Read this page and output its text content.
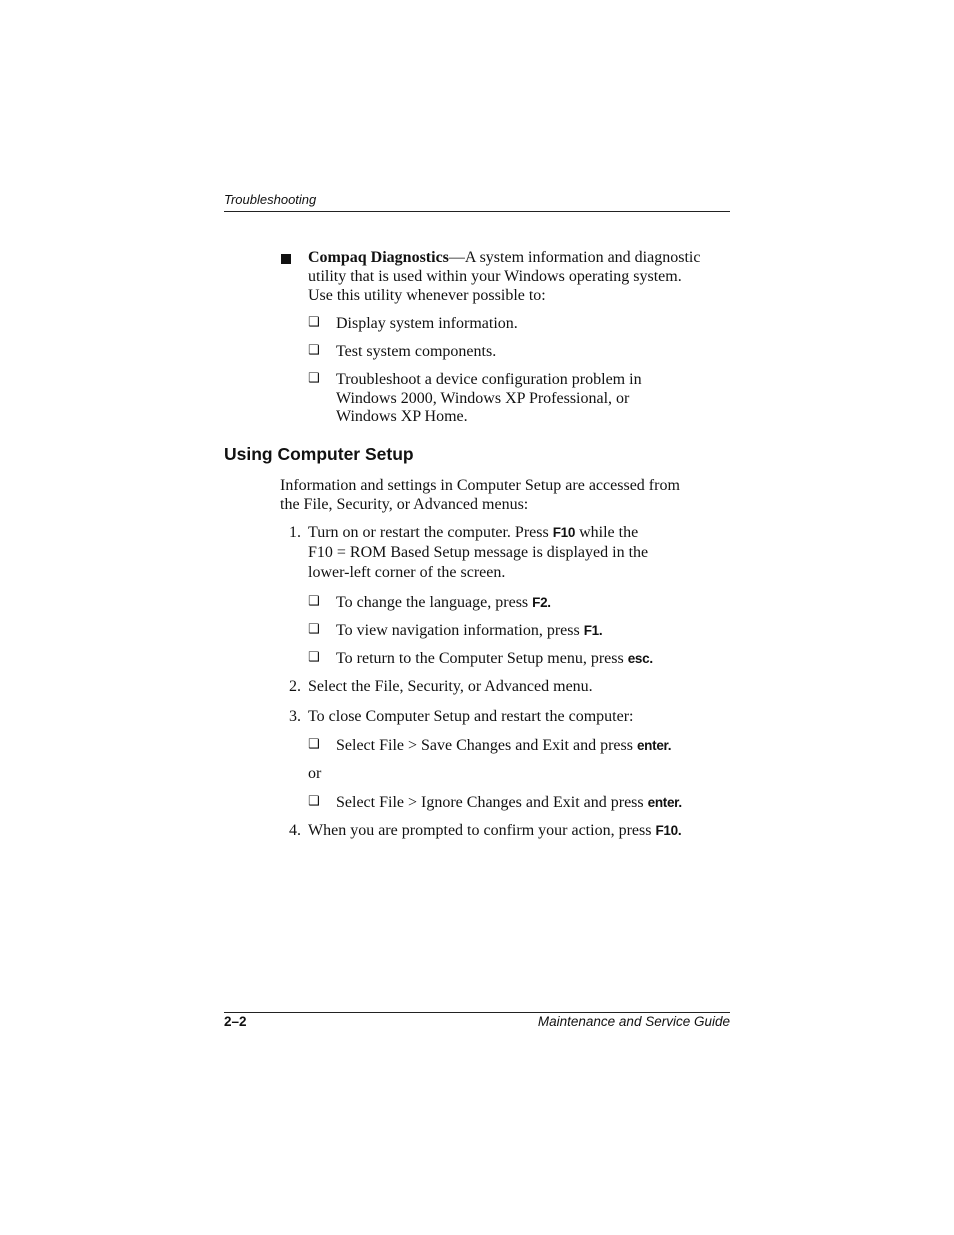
Troubleshooting
Compaq Diagnostics—A system information and diagnostic
utility that is used within your Windows operating system.
Use this utility whenever possible to:
❑ Display system information.
❑ Test system components.
❑ Troubleshoot a device configuration problem in
Windows 2000, Windows XP Professional, or
Windows XP Home.
Using Computer Setup
Information and settings in Computer Setup are accessed from
the File, Security, or Advanced menus:
1. Turn on or restart the computer. Press F10 while the
F10 = ROM Based Setup message is displayed in the
lower-left corner of the screen.
❑ To change the language, press F2.
❑ To view navigation information, press F1.
❑ To return to the Computer Setup menu, press esc.
2. Select the File, Security, or Advanced menu.
3. To close Computer Setup and restart the computer:
❑ Select File > Save Changes and Exit and press enter.
or
❑ Select File > Ignore Changes and Exit and press enter.
4. When you are prompted to confirm your action, press F10.
2–2	Maintenance and Service Guide
